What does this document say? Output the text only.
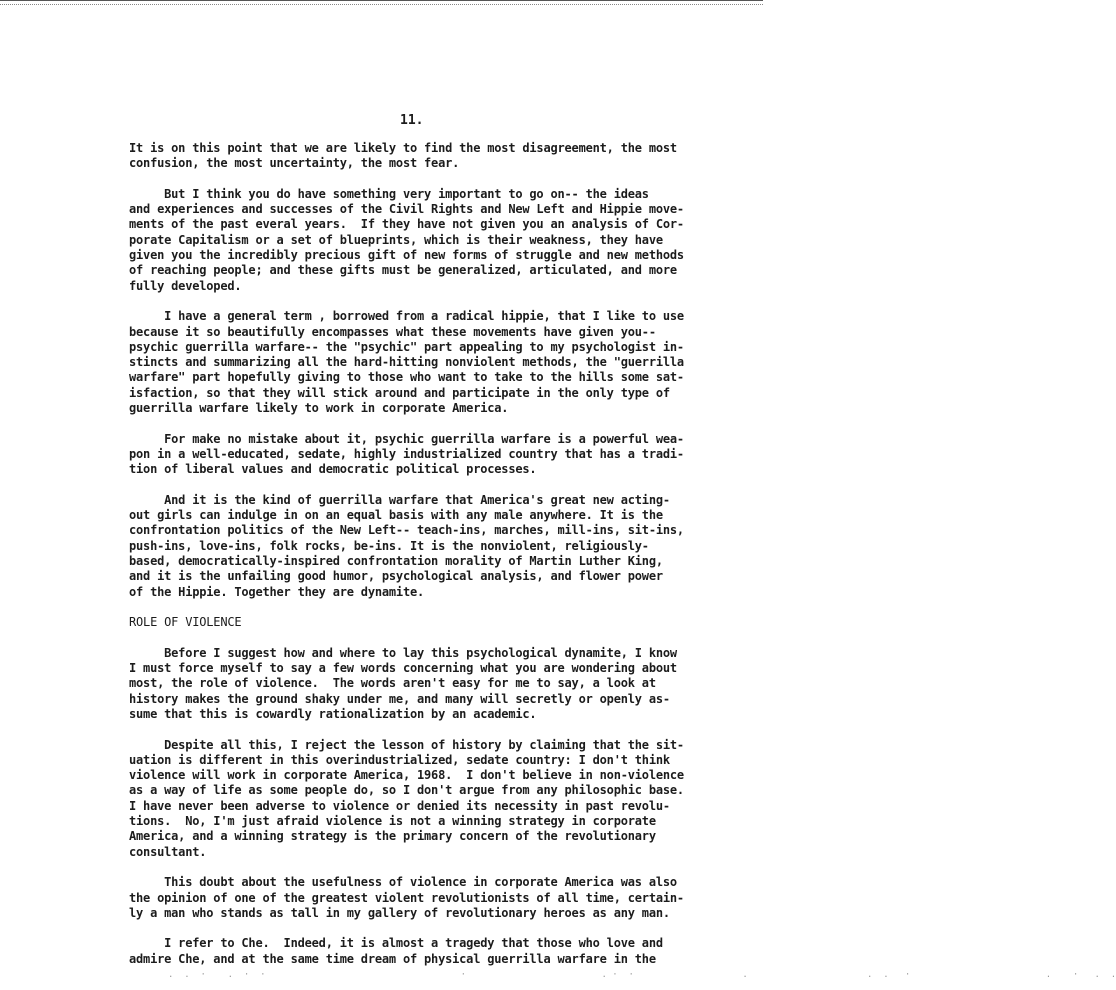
11.

It is on this point that we are likely to find the most disagreement, the most
confusion, the most uncertainty, the most fear.

But I think you do have something very important to go on-- the ideas
and experiences and successes of the Civil Rights and New Left and Hippie move-
ments of the past everal years.  If they have not given you an analysis of Cor-
porate Capitalism or a set of blueprints, which is their weakness, they have
given you the incredibly precious gift of new forms of struggle and new methods
of reaching people; and these gifts must be generalized, articulated, and more
fully developed.

I have a general term , borrowed from a radical hippie, that I like to use
because it so beautifully encompasses what these movements have given you--
psychic guerrilla warfare-- the "psychic" part appealing to my psychologist in-
stincts and summarizing all the hard-hitting nonviolent methods, the "guerrilla
warfare" part hopefully giving to those who want to take to the hills some sat-
isfaction, so that they will stick around and participate in the only type of
guerrilla warfare likely to work in corporate America.

For make no mistake about it, psychic guerrilla warfare is a powerful wea-
pon in a well-educated, sedate, highly industrialized country that has a tradi-
tion of liberal values and democratic political processes.

And it is the kind of guerrilla warfare that America's great new acting-
out girls can indulge in on an equal basis with any male anywhere. It is the
confrontation politics of the New Left-- teach-ins, marches, mill-ins, sit-ins,
push-ins, love-ins, folk rocks, be-ins. It is the nonviolent, religiously-
based, democratically-inspired confrontation morality of Martin Luther King,
and it is the unfailing good humor, psychological analysis, and flower power
of the Hippie. Together they are dynamite.

ROLE OF VIOLENCE

Before I suggest how and where to lay this psychological dynamite, I know
I must force myself to say a few words concerning what you are wondering about
most, the role of violence.  The words aren't easy for me to say, a look at
history makes the ground shaky under me, and many will secretly or openly as-
sume that this is cowardly rationalization by an academic.

Despite all this, I reject the lesson of history by claiming that the sit-
uation is different in this overindustrialized, sedate country: I don't think
violence will work in corporate America, 1968.  I don't believe in non-violence
as a way of life as some people do, so I don't argue from any philosophic base.
I have never been adverse to violence or denied its necessity in past revolu-
tions.  No, I'm just afraid violence is not a winning strategy in corporate
America, and a winning strategy is the primary concern of the revolutionary
consultant.

This doubt about the usefulness of violence in corporate America was also
the opinion of one of the greatest violent revolutionists of all time, certain-
ly a man who stands as tall in my gallery of revolutionary heroes as any man.

I refer to Che.  Indeed, it is almost a tragedy that those who love and
admire Che, and at the same time dream of physical guerrilla warfare in the

.  .  ·    .  ·  ·                                    ·                         . ·  ·                    .                      .  .   ·                         .    ·   .  .
